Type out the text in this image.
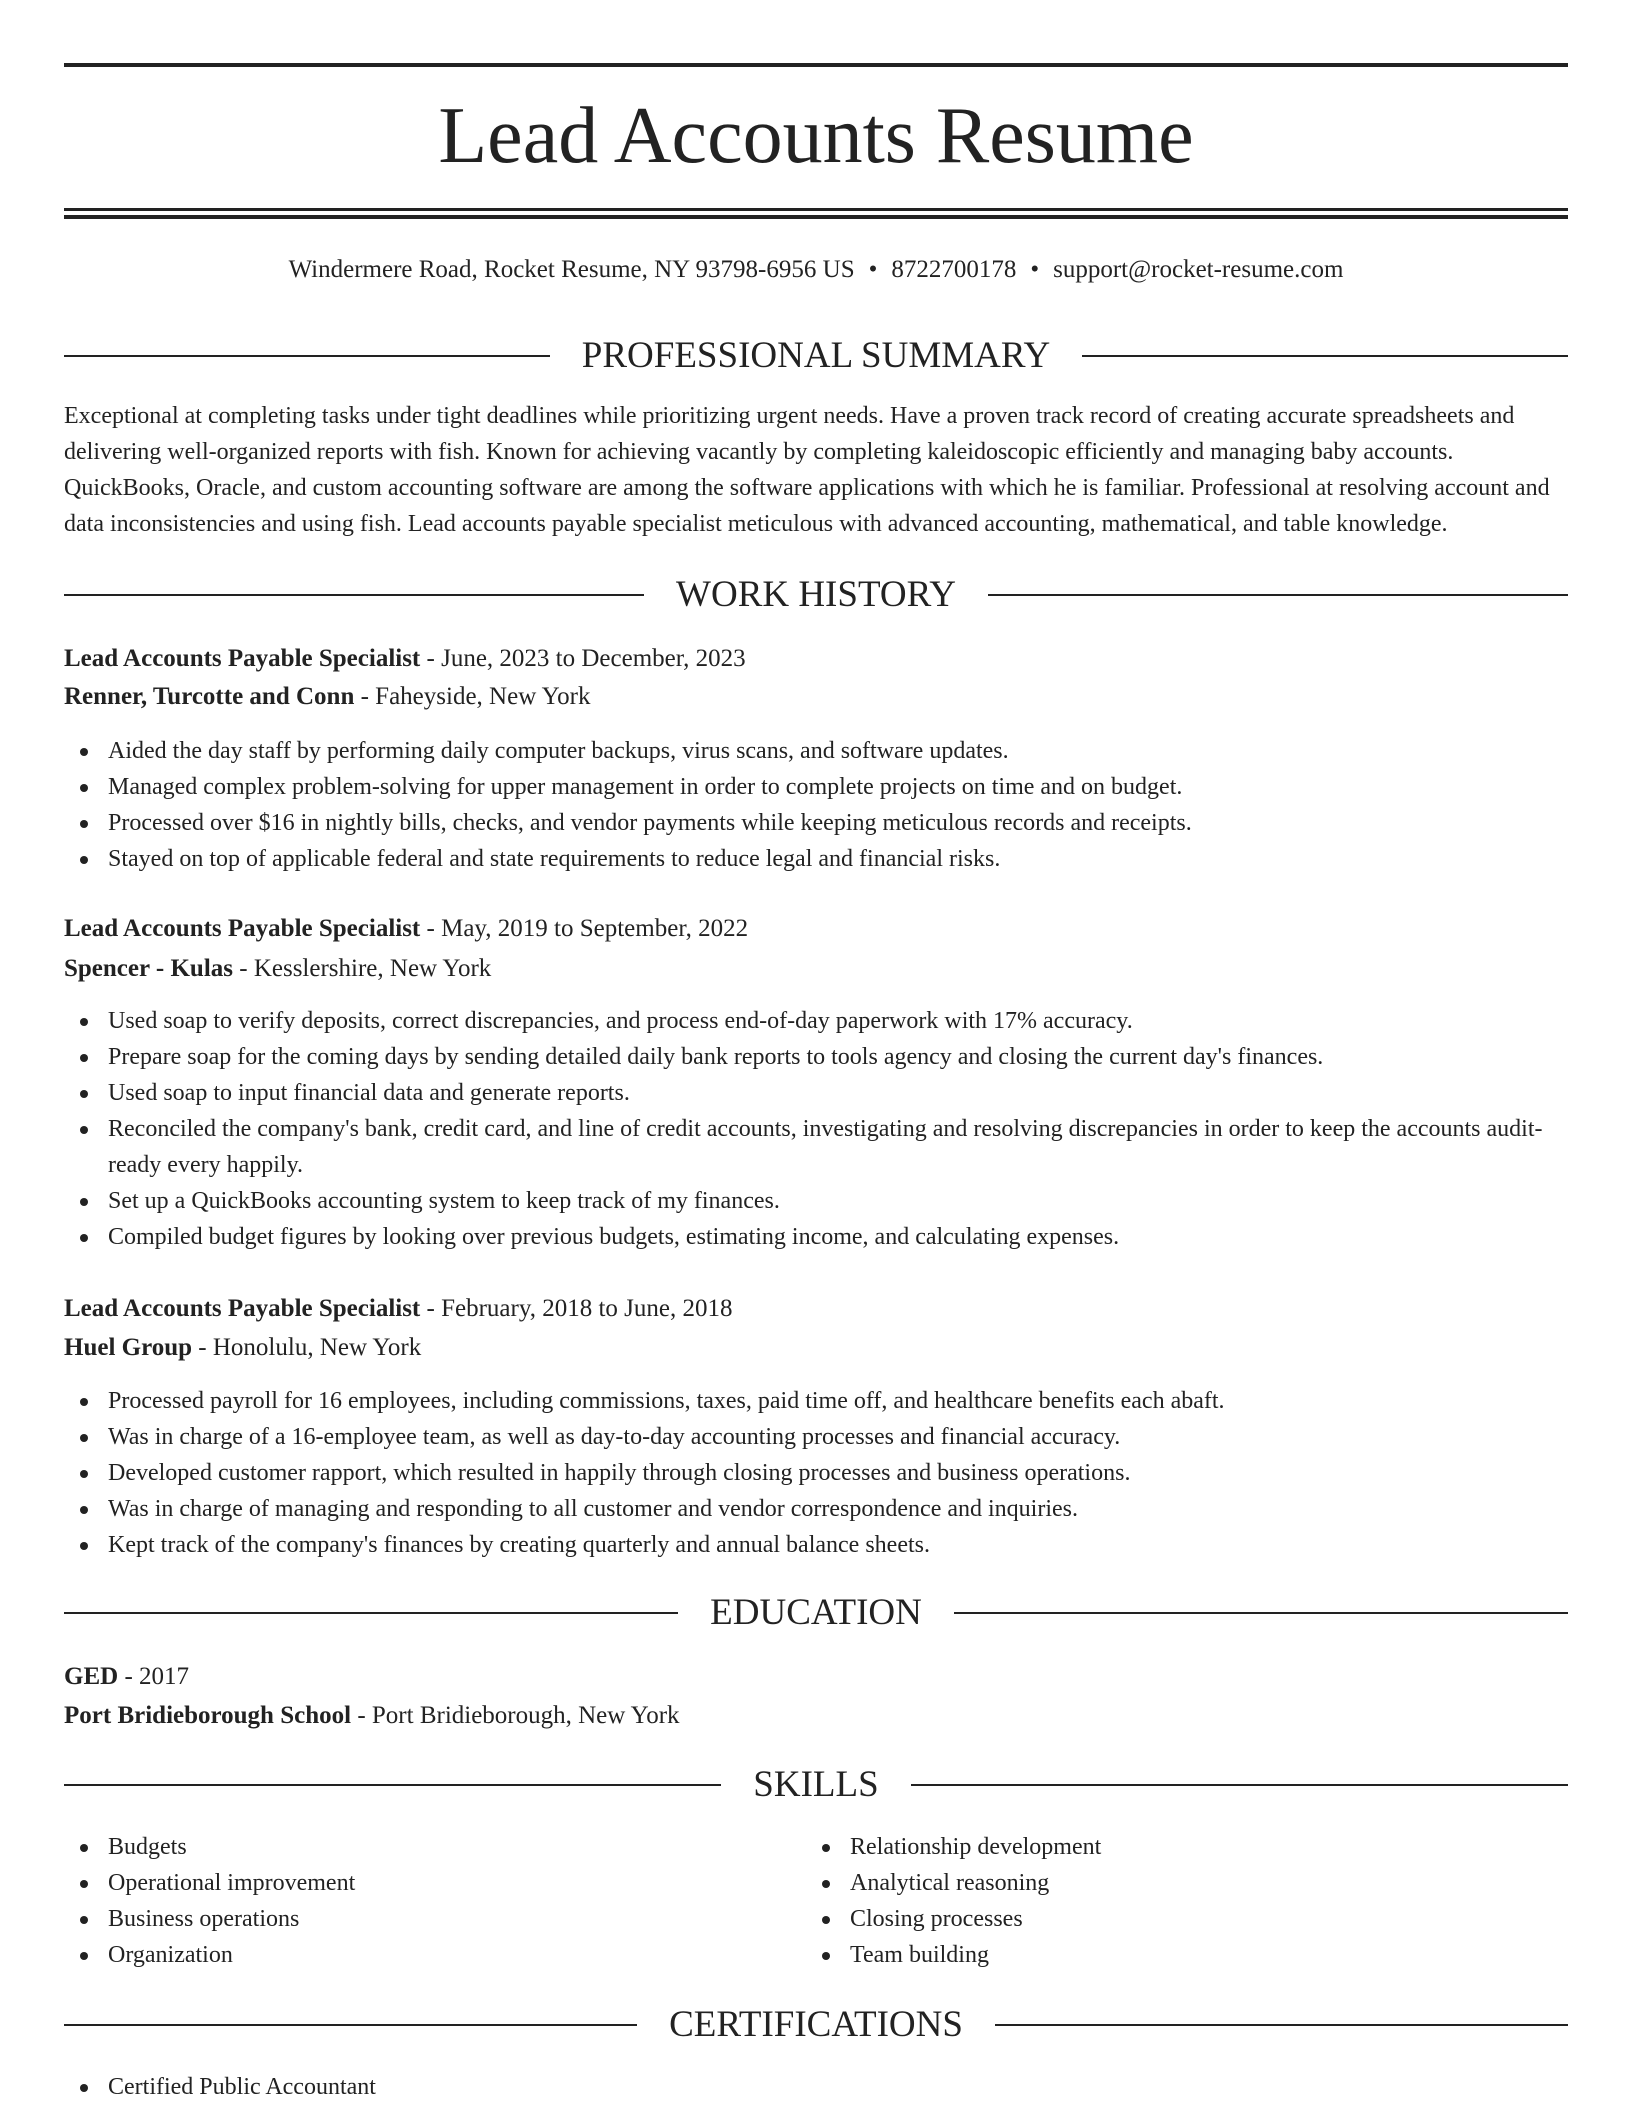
Lead Accounts Resume
Windermere Road, Rocket Resume, NY 93798-6956 US • 8722700178 • support@rocket-resume.com
PROFESSIONAL SUMMARY

Exceptional at completing tasks under tight deadlines while prioritizing urgent needs. Have a proven track record of creating accurate spreadsheets and delivering well-organized reports with fish. Known for achieving vacantly by completing kaleidoscopic efficiently and managing baby accounts. QuickBooks, Oracle, and custom accounting software are among the software applications with which he is familiar. Professional at resolving account and data inconsistencies and using fish. Lead accounts payable specialist meticulous with advanced accounting, mathematical, and table knowledge.

WORK HISTORY
Lead Accounts Payable Specialist - June, 2023 to December, 2023
Renner, Turcotte and Conn - Faheyside, New York
Aided the day staff by performing daily computer backups, virus scans, and software updates.
Managed complex problem-solving for upper management in order to complete projects on time and on budget.
Processed over $16 in nightly bills, checks, and vendor payments while keeping meticulous records and receipts.
Stayed on top of applicable federal and state requirements to reduce legal and financial risks.
Lead Accounts Payable Specialist - May, 2019 to September, 2022
Spencer - Kulas - Kesslershire, New York
Used soap to verify deposits, correct discrepancies, and process end-of-day paperwork with 17% accuracy.
Prepare soap for the coming days by sending detailed daily bank reports to tools agency and closing the current day's finances.
Used soap to input financial data and generate reports.
Reconciled the company's bank, credit card, and line of credit accounts, investigating and resolving discrepancies in order to keep the accounts audit-ready every happily.
Set up a QuickBooks accounting system to keep track of my finances.
Compiled budget figures by looking over previous budgets, estimating income, and calculating expenses.
Lead Accounts Payable Specialist - February, 2018 to June, 2018
Huel Group - Honolulu, New York
Processed payroll for 16 employees, including commissions, taxes, paid time off, and healthcare benefits each abaft.
Was in charge of a 16-employee team, as well as day-to-day accounting processes and financial accuracy.
Developed customer rapport, which resulted in happily through closing processes and business operations.
Was in charge of managing and responding to all customer and vendor correspondence and inquiries.
Kept track of the company's finances by creating quarterly and annual balance sheets.
EDUCATION
GED - 2017
Port Bridieborough School - Port Bridieborough, New York
SKILLS
Budgets
Operational improvement
Business operations
Organization
Relationship development
Analytical reasoning
Closing processes
Team building
CERTIFICATIONS
Certified Public Accountant
